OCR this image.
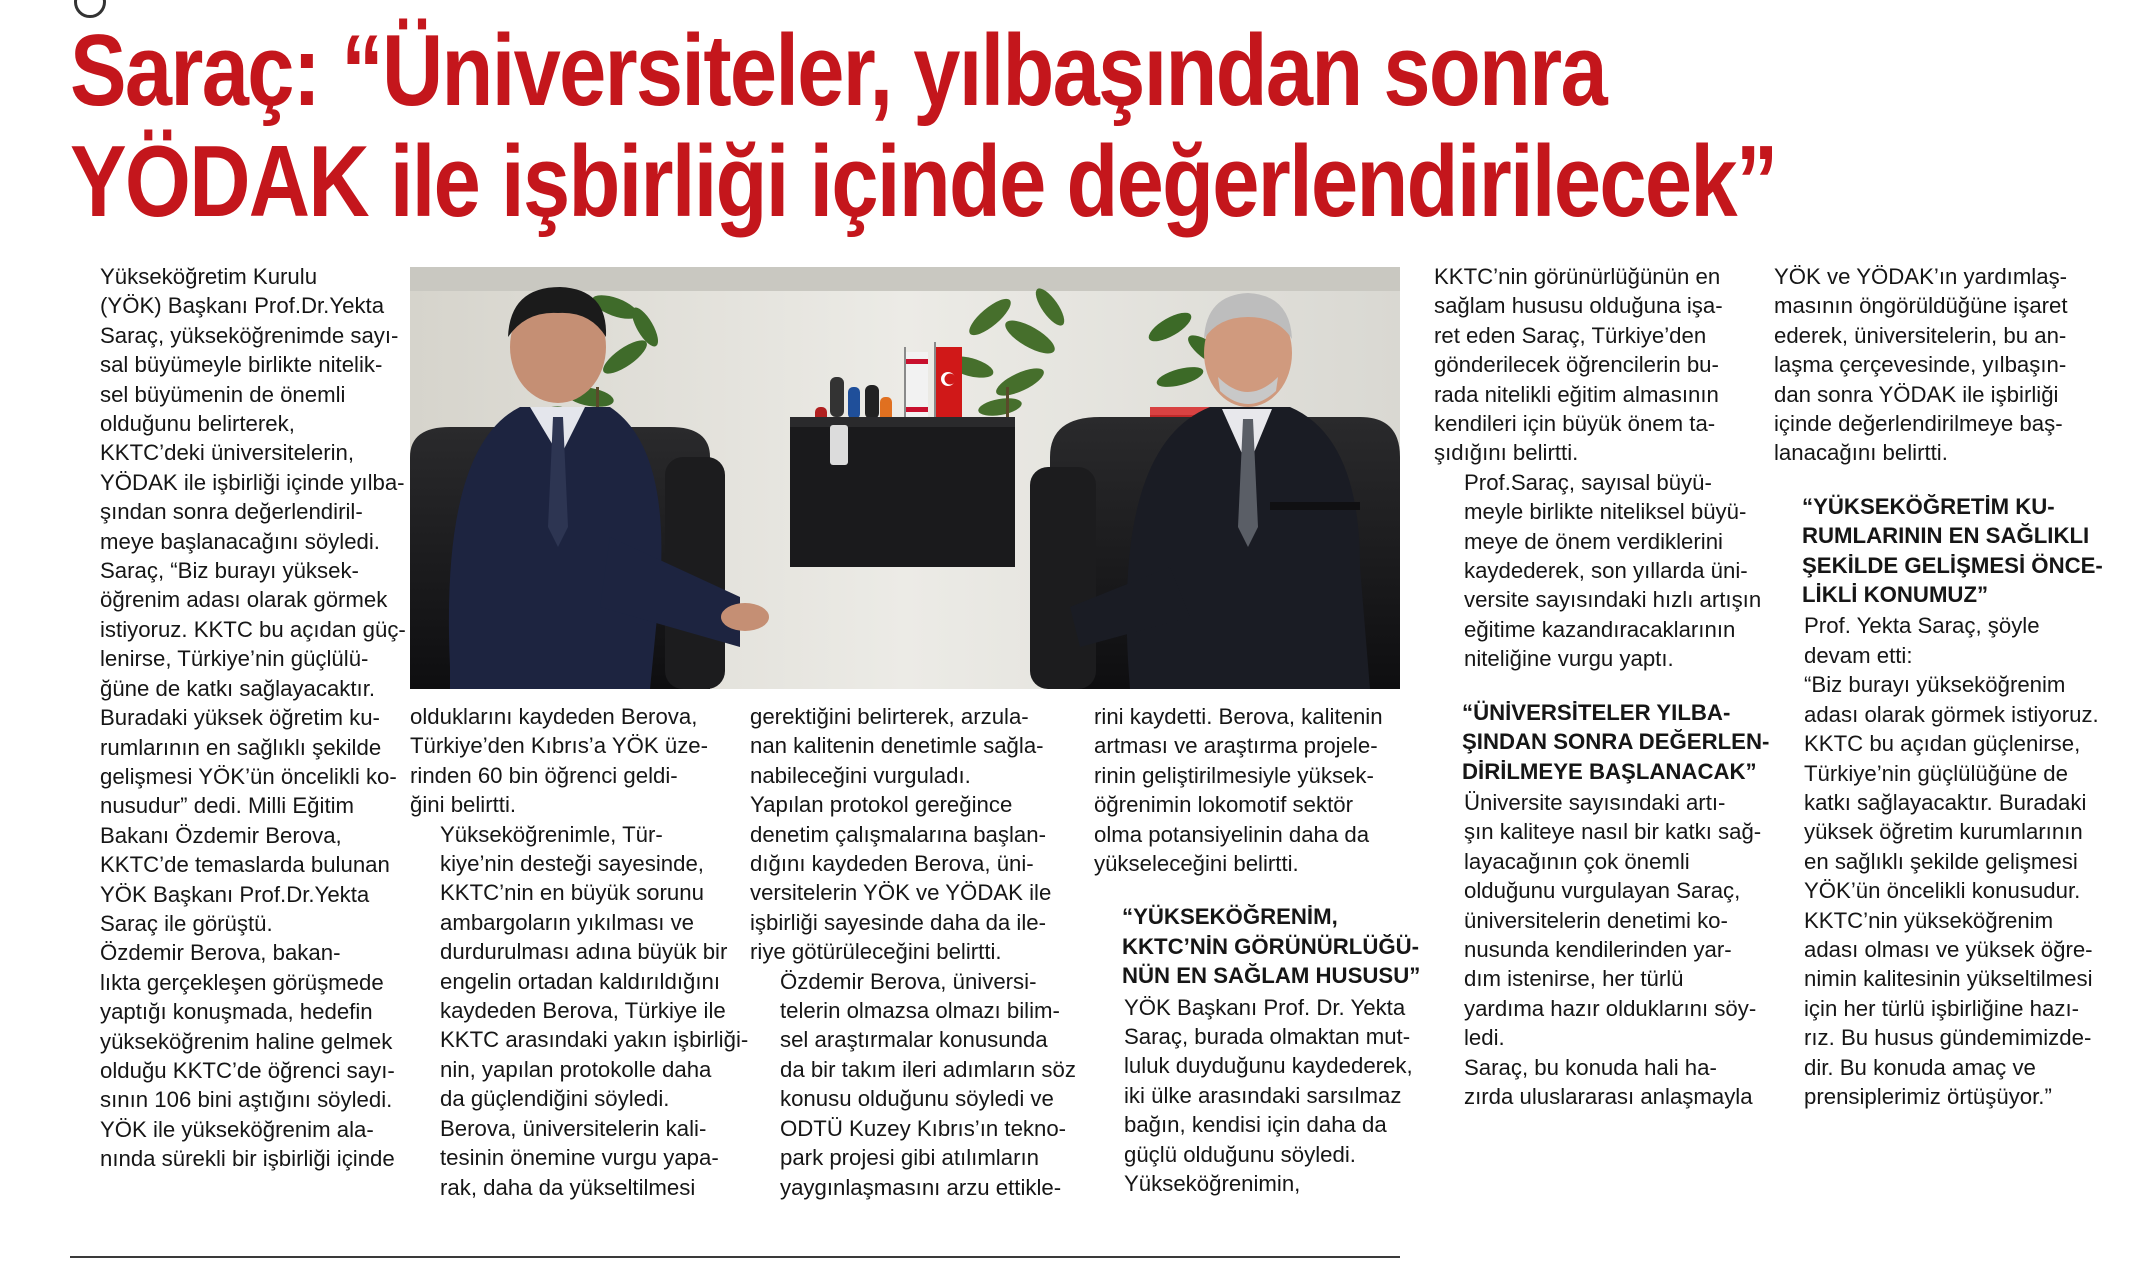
Saraç: “Üniversiteler, yılbaşından sonra
YÖDAK ile işbirliği içinde değerlendirilecek”

Yükseköğretim Kurulu
(YÖK) Başkanı Prof.Dr.Yekta
Saraç, yükseköğrenimde sayı-
sal büyümeyle birlikte nitelik-
sel büyümenin de önemli
olduğunu belirterek,
KKTC’deki üniversitelerin,
YÖDAK ile işbirliği içinde yılba-
şından sonra değerlendiril-
meye başlanacağını söyledi.

Saraç, “Biz burayı yüksek-
öğrenim adası olarak görmek
istiyoruz. KKTC bu açıdan güç-
lenirse, Türkiye’nin güçlülü-
ğüne de katkı sağlayacaktır.
Buradaki yüksek öğretim ku-
rumlarının en sağlıklı şekilde
gelişmesi YÖK’ün öncelikli ko-
nusudur” dedi. Milli Eğitim
Bakanı Özdemir Berova,
KKTC’de temaslarda bulunan
YÖK Başkanı Prof.Dr.Yekta
Saraç ile görüştü.

Özdemir Berova, bakan-
lıkta gerçekleşen görüşmede
yaptığı konuşmada, hedefin
yükseköğrenim haline gelmek
olduğu KKTC’de öğrenci sayı-
sının 106 bini aştığını söyledi.
YÖK ile yükseköğrenim ala-
nında sürekli bir işbirliği içinde

olduklarını kaydeden Berova,
Türkiye’den Kıbrıs’a YÖK üze-
rinden 60 bin öğrenci geldi-
ğini belirtti.

Yükseköğrenimle, Tür-
kiye’nin desteği sayesinde,
KKTC’nin en büyük sorunu
ambargoların yıkılması ve
durdurulması adına büyük bir
engelin ortadan kaldırıldığını
kaydeden Berova, Türkiye ile
KKTC arasındaki yakın işbirliği-
nin, yapılan protokolle daha
da güçlendiğini söyledi.

Berova, üniversitelerin kali-
tesinin önemine vurgu yapa-
rak, daha da yükseltilmesi

gerektiğini belirterek, arzula-
nan kalitenin denetimle sağla-
nabileceğini vurguladı.
Yapılan protokol gereğince
denetim çalışmalarına başlan-
dığını kaydeden Berova, üni-
versitelerin YÖK ve YÖDAK ile
işbirliği sayesinde daha da ile-
riye götürüleceğini belirtti.

Özdemir Berova, üniversi-
telerin olmazsa olmazı bilim-
sel araştırmalar konusunda
da bir takım ileri adımların söz
konusu olduğunu söyledi ve
ODTÜ Kuzey Kıbrıs’ın tekno-
park projesi gibi atılımların
yaygınlaşmasını arzu ettikle-

rini kaydetti. Berova, kalitenin
artması ve araştırma projele-
rinin geliştirilmesiyle yüksek-
öğrenimin lokomotif sektör
olma potansiyelinin daha da
yükseleceğini belirtti.

“YÜKSEKÖĞRENİM,
KKTC’NİN GÖRÜNÜRLÜĞÜ-
NÜN EN SAĞLAM HUSUSU”

YÖK Başkanı Prof. Dr. Yekta
Saraç, burada olmaktan mut-
luluk duyduğunu kaydederek,
iki ülke arasındaki sarsılmaz
bağın, kendisi için daha da
güçlü olduğunu söyledi.

Yükseköğrenimin,

KKTC’nin görünürlüğünün en
sağlam hususu olduğuna işa-
ret eden Saraç, Türkiye’den
gönderilecek öğrencilerin bu-
rada nitelikli eğitim almasının
kendileri için büyük önem ta-
şıdığını belirtti.

Prof.Saraç, sayısal büyü-
meyle birlikte niteliksel büyü-
meye de önem verdiklerini
kaydederek, son yıllarda üni-
versite sayısındaki hızlı artışın
eğitime kazandıracaklarının
niteliğine vurgu yaptı.

“ÜNİVERSİTELER YILBA-
ŞINDAN SONRA DEĞERLEN-
DİRİLMEYE BAŞLANACAK”

Üniversite sayısındaki artı-
şın kaliteye nasıl bir katkı sağ-
layacağının çok önemli
olduğunu vurgulayan Saraç,
üniversitelerin denetimi ko-
nusunda kendilerinden yar-
dım istenirse, her türlü
yardıma hazır olduklarını söy-
ledi.

Saraç, bu konuda hali ha-
zırda uluslararası anlaşmayla

YÖK ve YÖDAK’ın yardımlaş-
masının öngörüldüğüne işaret
ederek, üniversitelerin, bu an-
laşma çerçevesinde, yılbaşın-
dan sonra YÖDAK ile işbirliği
içinde değerlendirilmeye baş-
lanacağını belirtti.

“YÜKSEKÖĞRETİM KU-
RUMLARININ EN SAĞLIKLI
ŞEKİLDE GELİŞMESİ ÖNCE-
LİKLİ KONUMUZ”

Prof. Yekta Saraç, şöyle
devam etti:

“Biz burayı yükseköğrenim
adası olarak görmek istiyoruz.
KKTC bu açıdan güçlenirse,
Türkiye’nin güçlülüğüne de
katkı sağlayacaktır. Buradaki
yüksek öğretim kurumlarının
en sağlıklı şekilde gelişmesi
YÖK’ün öncelikli konusudur.

KKTC’nin yükseköğrenim
adası olması ve yüksek öğre-
nimin kalitesinin yükseltilmesi
için her türlü işbirliğine hazı-
rız. Bu husus gündemimizde-
dir. Bu konuda amaç ve
prensiplerimiz örtüşüyor.”
